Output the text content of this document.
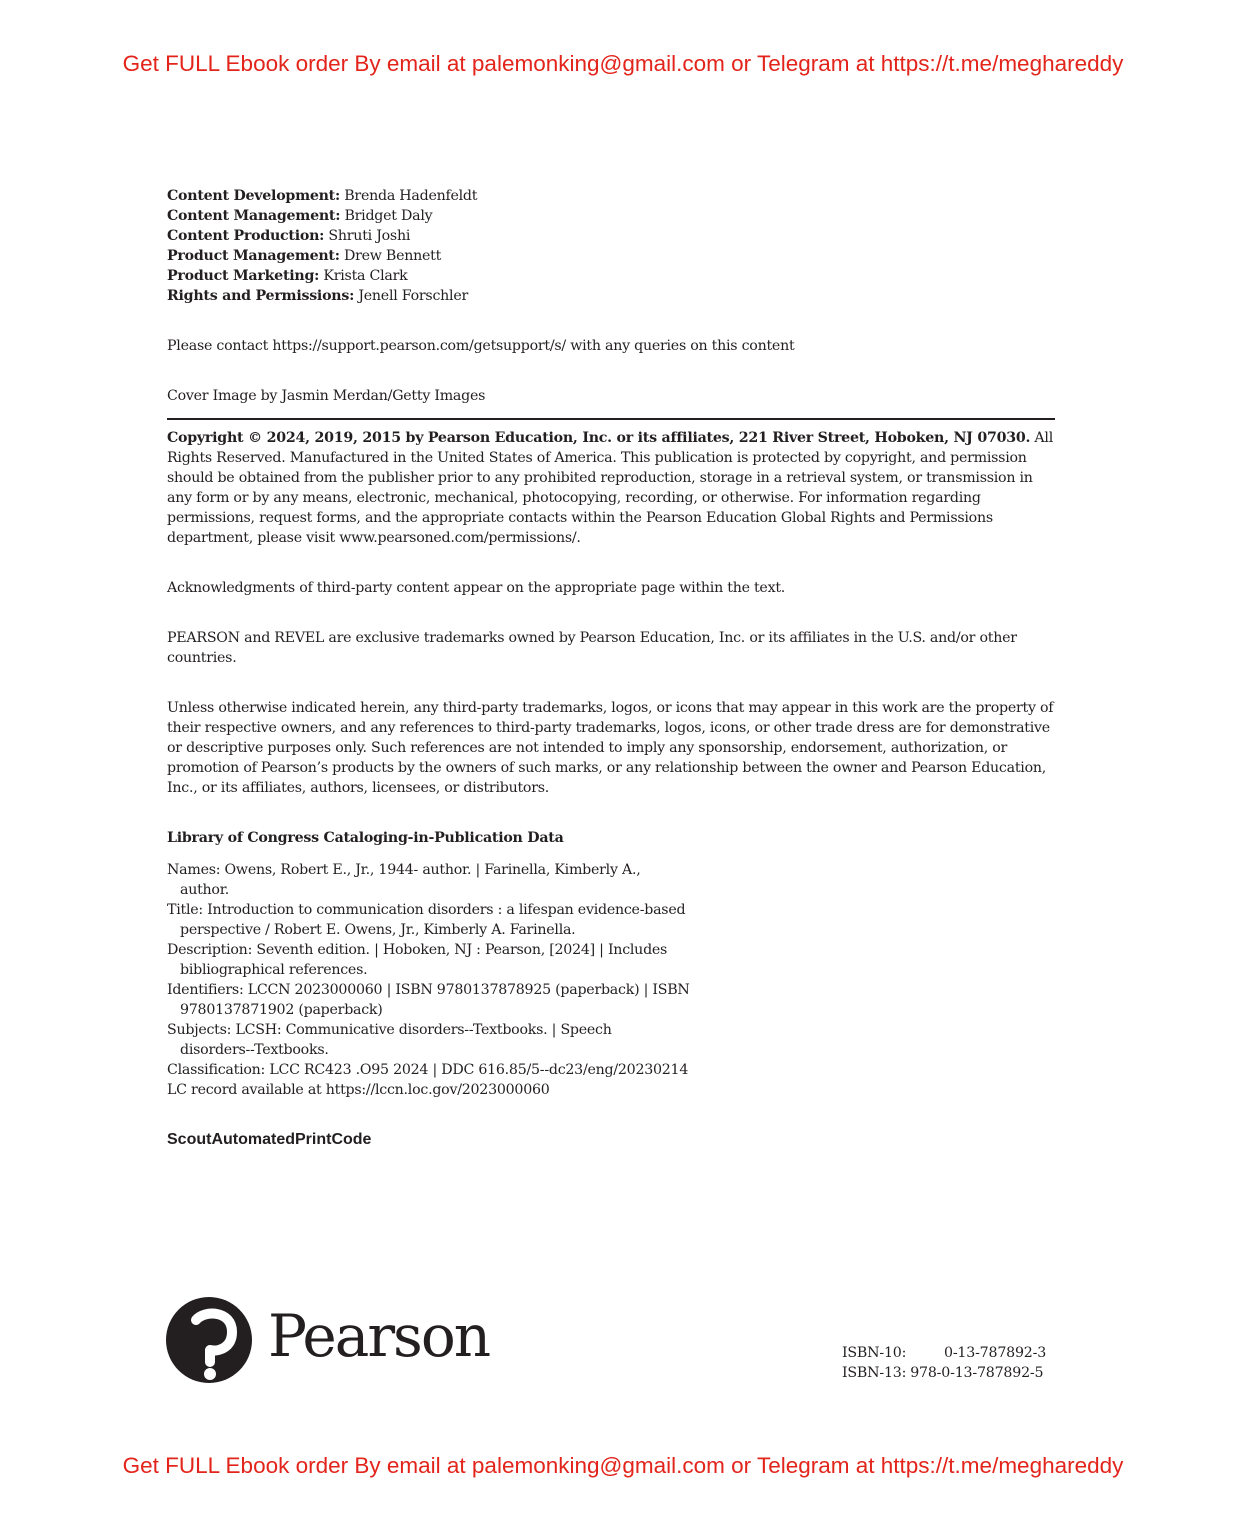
Get FULL Ebook order By email at palemonking@gmail.com or Telegram at https://t.me/meghareddy
Content Development: Brenda Hadenfeldt
Content Management: Bridget Daly
Content Production: Shruti Joshi
Product Management: Drew Bennett
Product Marketing: Krista Clark
Rights and Permissions: Jenell Forschler

Please contact https://support.pearson.com/getsupport/s/ with any queries on this content

Cover Image by Jasmin Merdan/Getty Images

Copyright © 2024, 2019, 2015 by Pearson Education, Inc. or its affiliates, 221 River Street, Hoboken, NJ 07030. All Rights Reserved. Manufactured in the United States of America. This publication is protected by copyright, and permission should be obtained from the publisher prior to any prohibited reproduction, storage in a retrieval system, or transmission in any form or by any means, electronic, mechanical, photocopying, recording, or otherwise. For information regarding permissions, request forms, and the appropriate contacts within the Pearson Education Global Rights and Permissions department, please visit www.pearsoned.com/permissions/.

Acknowledgments of third-party content appear on the appropriate page within the text.

PEARSON and REVEL are exclusive trademarks owned by Pearson Education, Inc. or its affiliates in the U.S. and/or other countries.

Unless otherwise indicated herein, any third-party trademarks, logos, or icons that may appear in this work are the property of their respective owners, and any references to third-party trademarks, logos, icons, or other trade dress are for demonstrative or descriptive purposes only. Such references are not intended to imply any sponsorship, endorsement, authorization, or promotion of Pearson’s products by the owners of such marks, or any relationship between the owner and Pearson Education, Inc., or its affiliates, authors, licensees, or distributors.

Library of Congress Cataloging-in-Publication Data

Names: Owens, Robert E., Jr., 1944- author. | Farinella, Kimberly A., author.
Title: Introduction to communication disorders : a lifespan evidence-based perspective / Robert E. Owens, Jr., Kimberly A. Farinella.
Description: Seventh edition. | Hoboken, NJ : Pearson, [2024] | Includes bibliographical references.
Identifiers: LCCN 2023000060 | ISBN 9780137878925 (paperback) | ISBN 9780137871902 (paperback)
Subjects: LCSH: Communicative disorders--Textbooks. | Speech disorders--Textbooks.
Classification: LCC RC423 .O95 2024 | DDC 616.85/5--dc23/eng/20230214
LC record available at https://lccn.loc.gov/2023000060

ScoutAutomatedPrintCode

Pearson	ISBN-10:	0-13-787892-3
ISBN-13: 978-0-13-787892-5
Get FULL Ebook order By email at palemonking@gmail.com or Telegram at https://t.me/meghareddy
